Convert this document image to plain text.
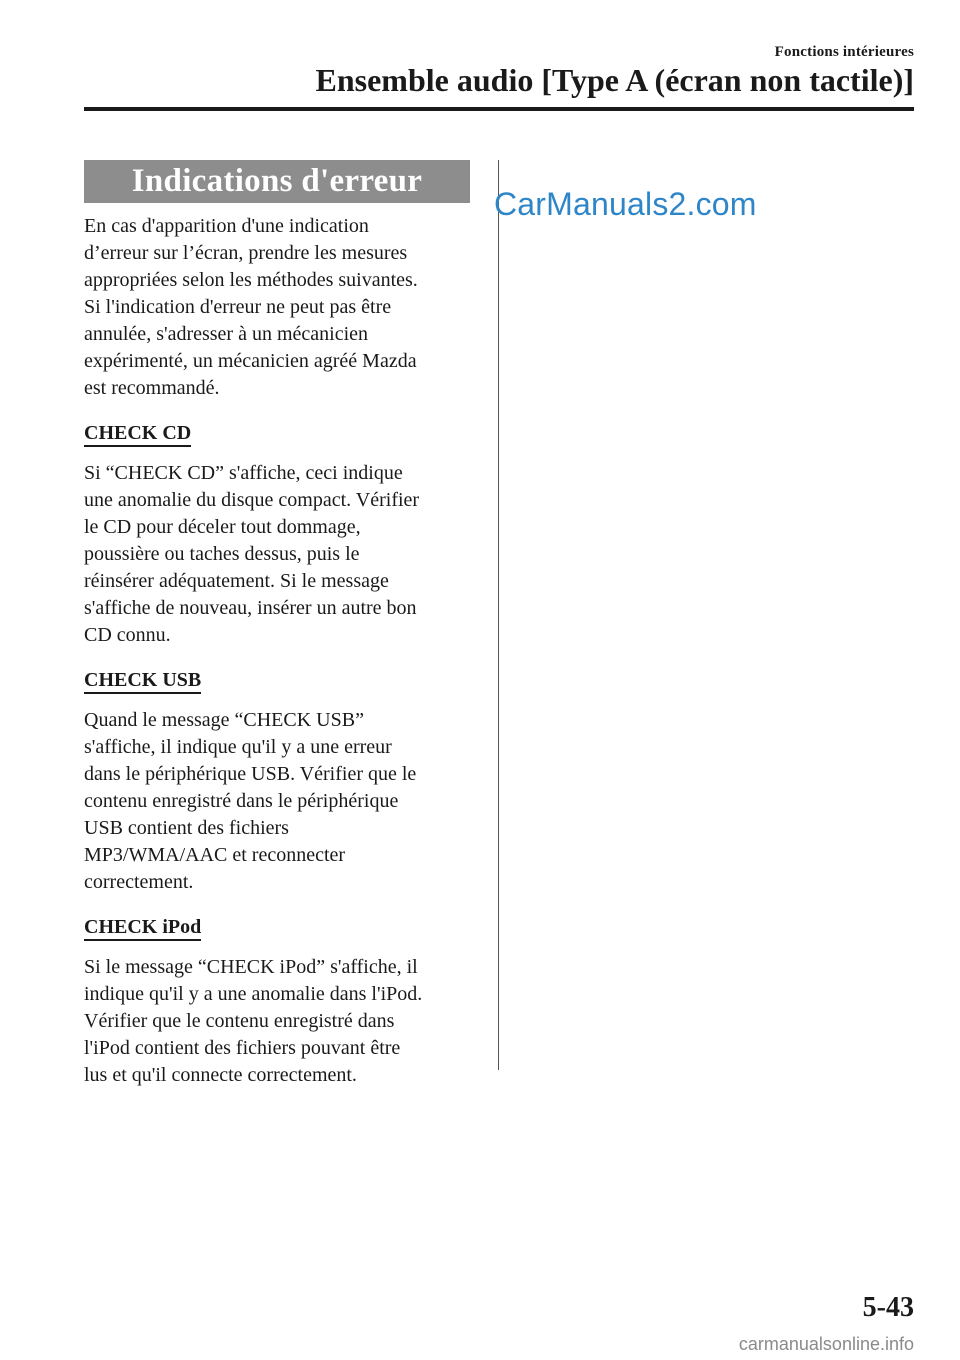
Fonctions intérieures
Ensemble audio [Type A (écran non tactile)]
Indications d'erreur

En cas d'apparition d'une indication
d’erreur sur l’écran, prendre les mesures
appropriées selon les méthodes suivantes.
Si l'indication d'erreur ne peut pas être
annulée, s'adresser à un mécanicien
expérimenté, un mécanicien agréé Mazda
est recommandé.

CHECK CD

Si “CHECK CD” s'affiche, ceci indique
une anomalie du disque compact. Vérifier
le CD pour déceler tout dommage,
poussière ou taches dessus, puis le
réinsérer adéquatement. Si le message
s'affiche de nouveau, insérer un autre bon
CD connu.

CHECK USB

Quand le message “CHECK USB”
s'affiche, il indique qu'il y a une erreur
dans le périphérique USB. Vérifier que le
contenu enregistré dans le périphérique
USB contient des fichiers
MP3/WMA/AAC et reconnecter
correctement.

CHECK iPod

Si le message “CHECK iPod” s'affiche, il
indique qu'il y a une anomalie dans l'iPod.
Vérifier que le contenu enregistré dans
l'iPod contient des fichiers pouvant être
lus et qu'il connecte correctement.

CarManuals2.com
5-43
carmanualsonline.info
